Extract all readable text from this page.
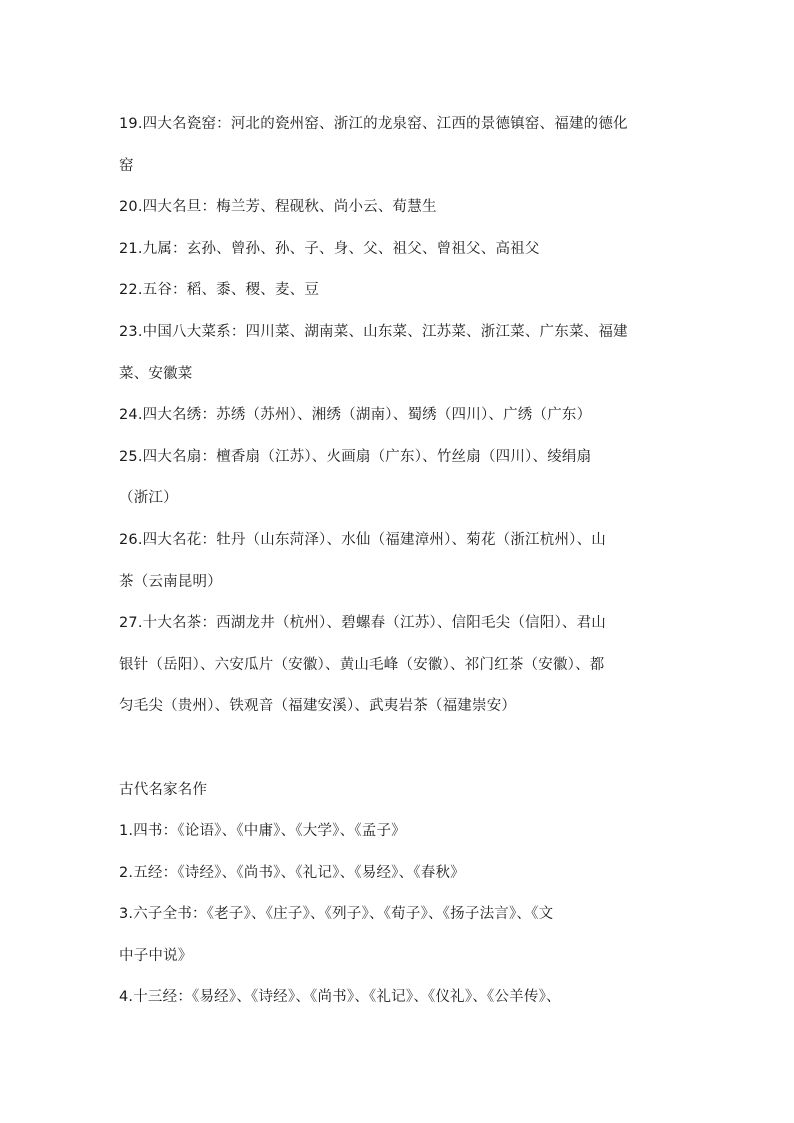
19.四大名瓷窑：河北的瓷州窑、浙江的龙泉窑、江西的景德镇窑、福建的德化
窑
20.四大名旦：梅兰芳、程砚秋、尚小云、荀慧生
21.九属：玄孙、曾孙、孙、子、身、父、祖父、曾祖父、高祖父
22.五谷：稻、黍、稷、麦、豆
23.中国八大菜系：四川菜、湖南菜、山东菜、江苏菜、浙江菜、广东菜、福建
菜、安徽菜
24.四大名绣：苏绣（苏州）、湘绣（湖南）、蜀绣（四川）、广绣（广东）
25.四大名扇：檀香扇（江苏）、火画扇（广东）、竹丝扇（四川）、绫绢扇
（浙江）
26.四大名花：牡丹（山东菏泽）、水仙（福建漳州）、菊花（浙江杭州）、山
茶（云南昆明）
27.十大名茶：西湖龙井（杭州）、碧螺春（江苏）、信阳毛尖（信阳）、君山
银针（岳阳）、六安瓜片（安徽）、黄山毛峰（安徽）、祁门红茶（安徽）、都
匀毛尖（贵州）、铁观音（福建安溪）、武夷岩茶（福建崇安）
古代名家名作
1.四书：《论语》、《中庸》、《大学》、《孟子》
2.五经：《诗经》、《尚书》、《礼记》、《易经》、《春秋》
3.六子全书：《老子》、《庄子》、《列子》、《荀子》、《扬子法言》、《文
中子中说》
4.十三经：《易经》、《诗经》、《尚书》、《礼记》、《仪礼》、《公羊传》、
